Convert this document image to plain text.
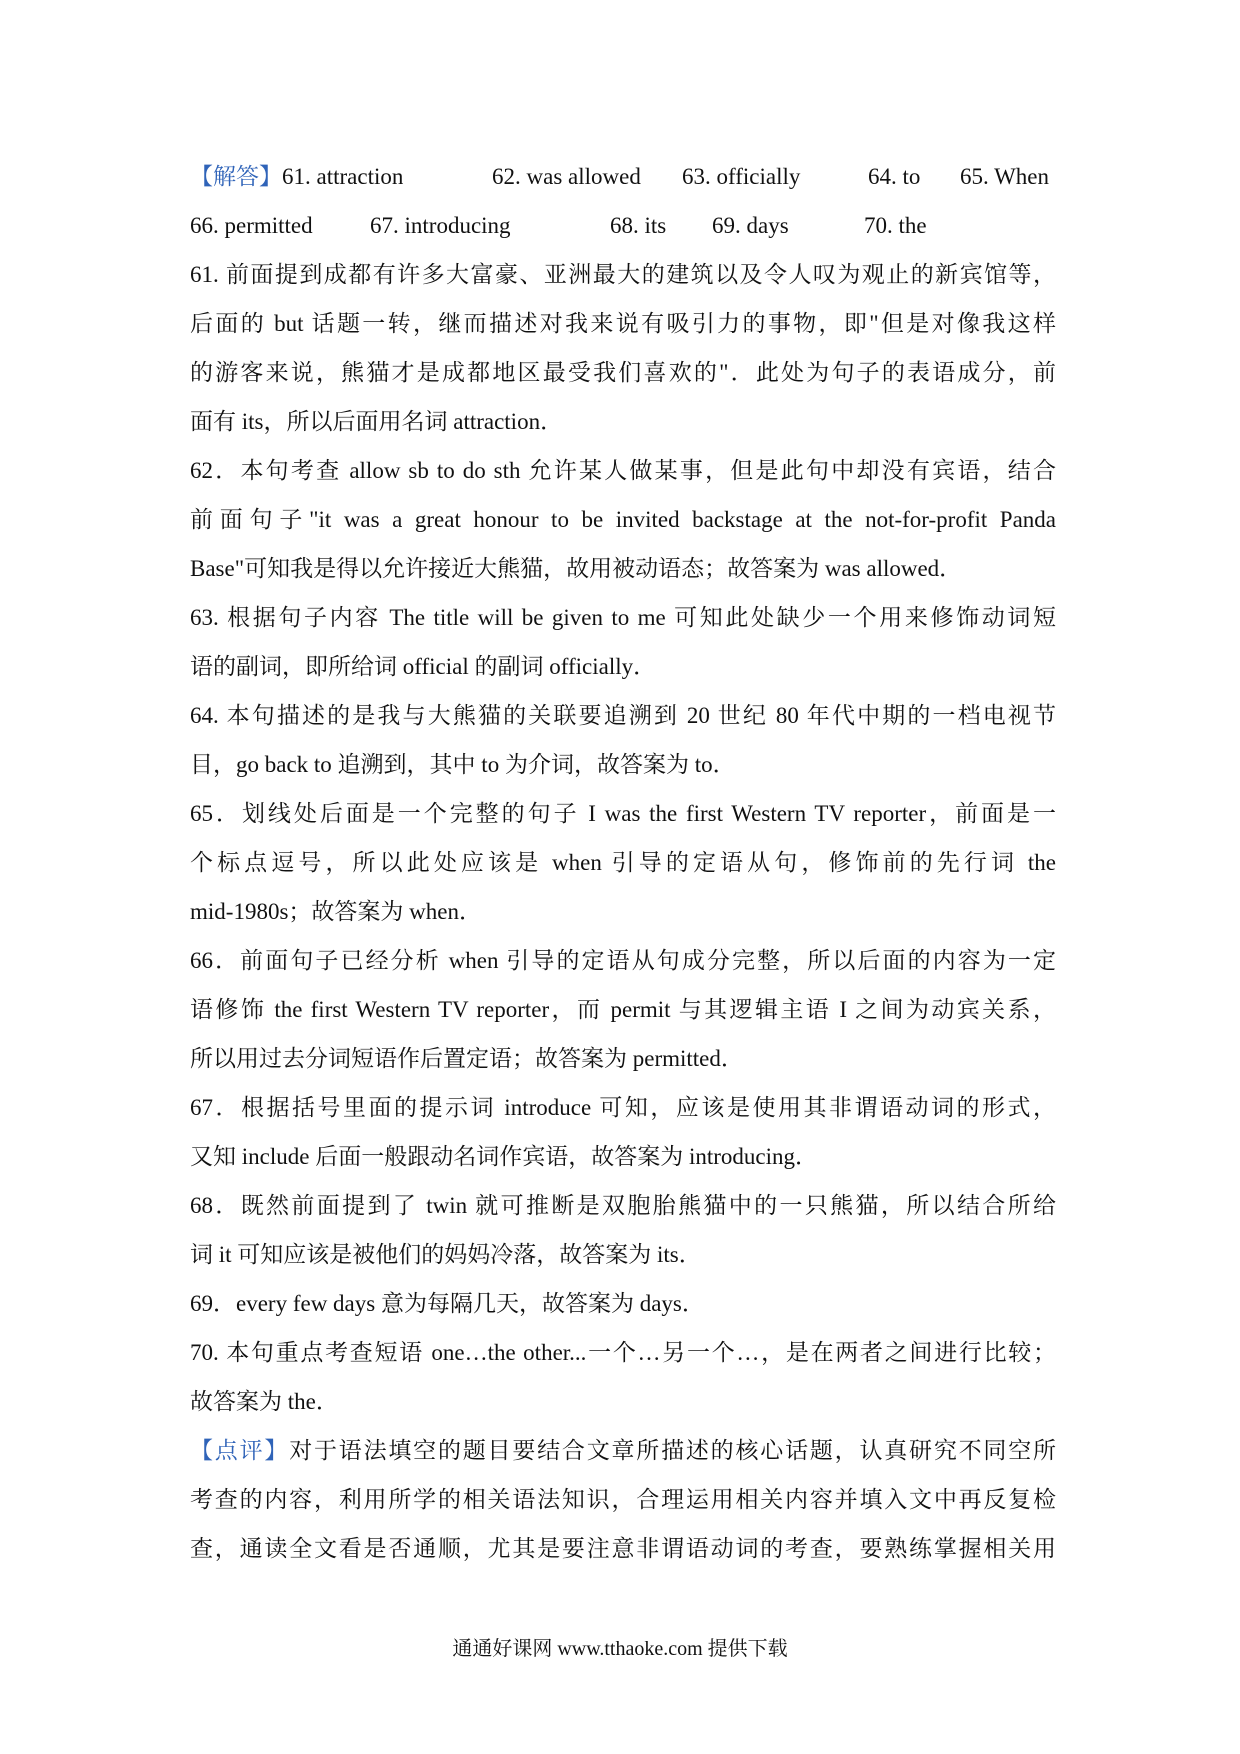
【解答】61. attraction	62. was allowed 63. officially	64. to 65. When
66. permitted 67. introducing	68. its 69. days	70. the
61. 前面提到成都有许多大富豪、亚洲最大的建筑以及令人叹为观止的新宾馆等，
后面的 but 话题一转，继而描述对我来说有吸引力的事物，即"但是对像我这样
的游客来说，熊猫才是成都地区最受我们喜欢的"．此处为句子的表语成分，前
面有 its，所以后面用名词 attraction．
62．本句考查 allow sb to do sth 允许某人做某事，但是此句中却没有宾语，结合
前面句子"it was a great honour to be invited backstage at the not-for-profit Panda
Base"可知我是得以允许接近大熊猫，故用被动语态；故答案为 was allowed．
63. 根据句子内容 The title will be given to me 可知此处缺少一个用来修饰动词短
语的副词，即所给词 official 的副词 officially．
64. 本句描述的是我与大熊猫的关联要追溯到 20 世纪 80 年代中期的一档电视节
目，go back to 追溯到，其中 to 为介词，故答案为 to．
65．划线处后面是一个完整的句子 I was the first Western TV reporter，前面是一
个标点逗号，所以此处应该是 when 引导的定语从句，修饰前的先行词 the
mid-1980s；故答案为 when．
66．前面句子已经分析 when 引导的定语从句成分完整，所以后面的内容为一定
语修饰 the first Western TV reporter，而 permit 与其逻辑主语 I 之间为动宾关系，
所以用过去分词短语作后置定语；故答案为 permitted．
67．根据括号里面的提示词 introduce 可知，应该是使用其非谓语动词的形式，
又知 include 后面一般跟动名词作宾语，故答案为 introducing．
68．既然前面提到了 twin 就可推断是双胞胎熊猫中的一只熊猫，所以结合所给
词 it 可知应该是被他们的妈妈冷落，故答案为 its．
69．every few days 意为每隔几天，故答案为 days．
70. 本句重点考查短语 one…the other...一个…另一个…，是在两者之间进行比较；
故答案为 the．
【点评】对于语法填空的题目要结合文章所描述的核心话题，认真研究不同空所
考查的内容，利用所学的相关语法知识，合理运用相关内容并填入文中再反复检
查，通读全文看是否通顺，尤其是要注意非谓语动词的考查，要熟练掌握相关用
通通好课网 www.tthaoke.com 提供下载
